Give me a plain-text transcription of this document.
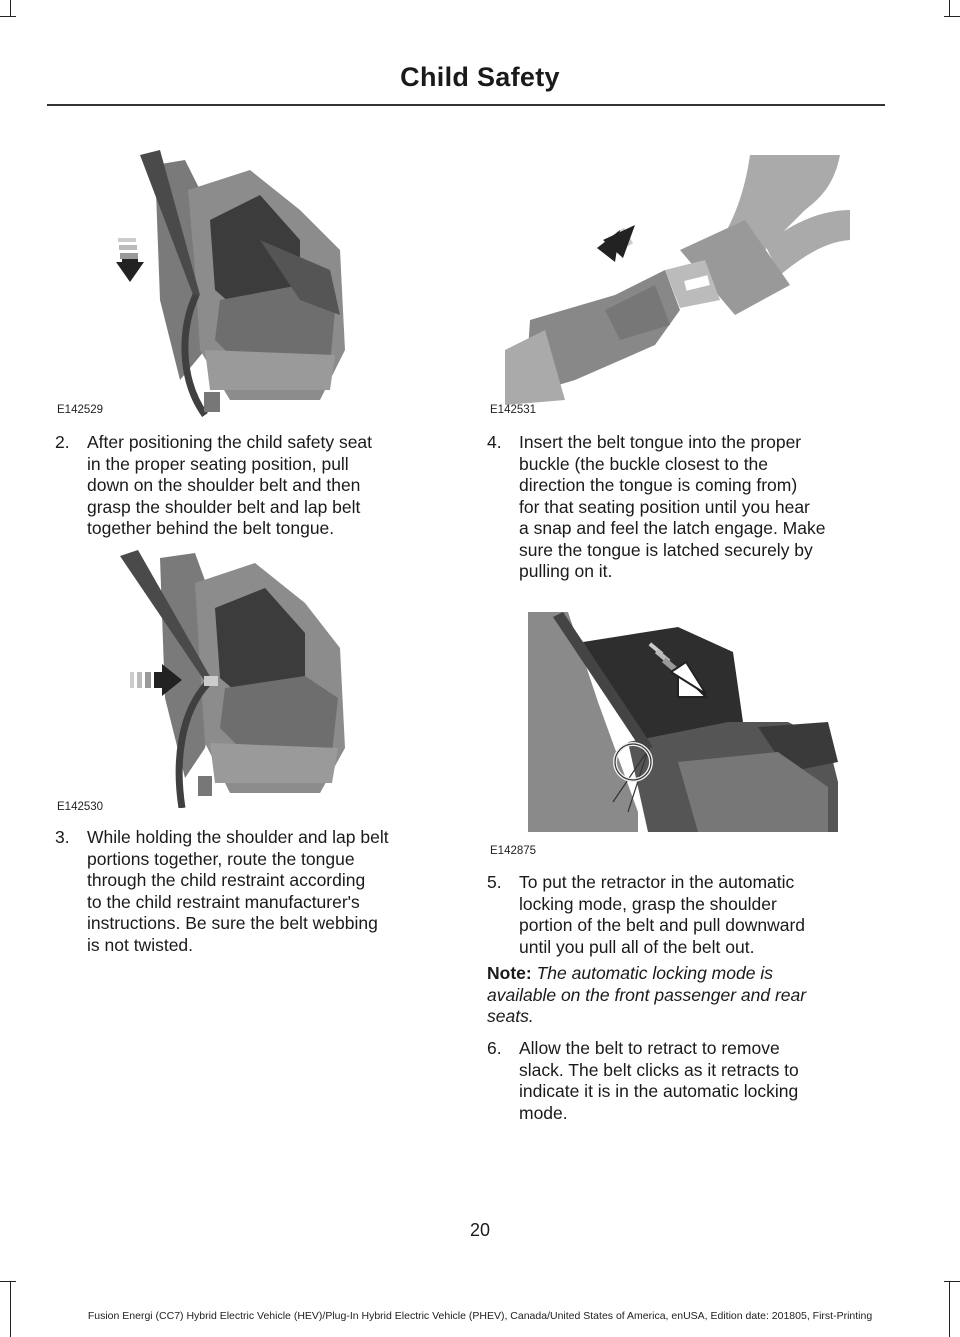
Child Safety
E142529	E142531
2. After positioning the child safety seat
in the proper seating position, pull
down on the shoulder belt and then
grasp the shoulder belt and lap belt
together behind the belt tongue.
4. Insert the belt tongue into the proper
buckle (the buckle closest to the
direction the tongue is coming from)
for that seating position until you hear
a snap and feel the latch engage. Make
sure the tongue is latched securely by
pulling on it.
E142530
E142875
3. While holding the shoulder and lap belt
portions together, route the tongue
through the child restraint according
to the child restraint manufacturer's
instructions. Be sure the belt webbing
is not twisted.
5. To put the retractor in the automatic
locking mode, grasp the shoulder
portion of the belt and pull downward
until you pull all of the belt out.
Note: The automatic locking mode is
available on the front passenger and rear
seats.
6. Allow the belt to retract to remove
slack. The belt clicks as it retracts to
indicate it is in the automatic locking
mode.
20
Fusion Energi (CC7) Hybrid Electric Vehicle (HEV)/Plug-In Hybrid Electric Vehicle (PHEV), Canada/United States of America, enUSA, Edition date: 201805, First-Printing
